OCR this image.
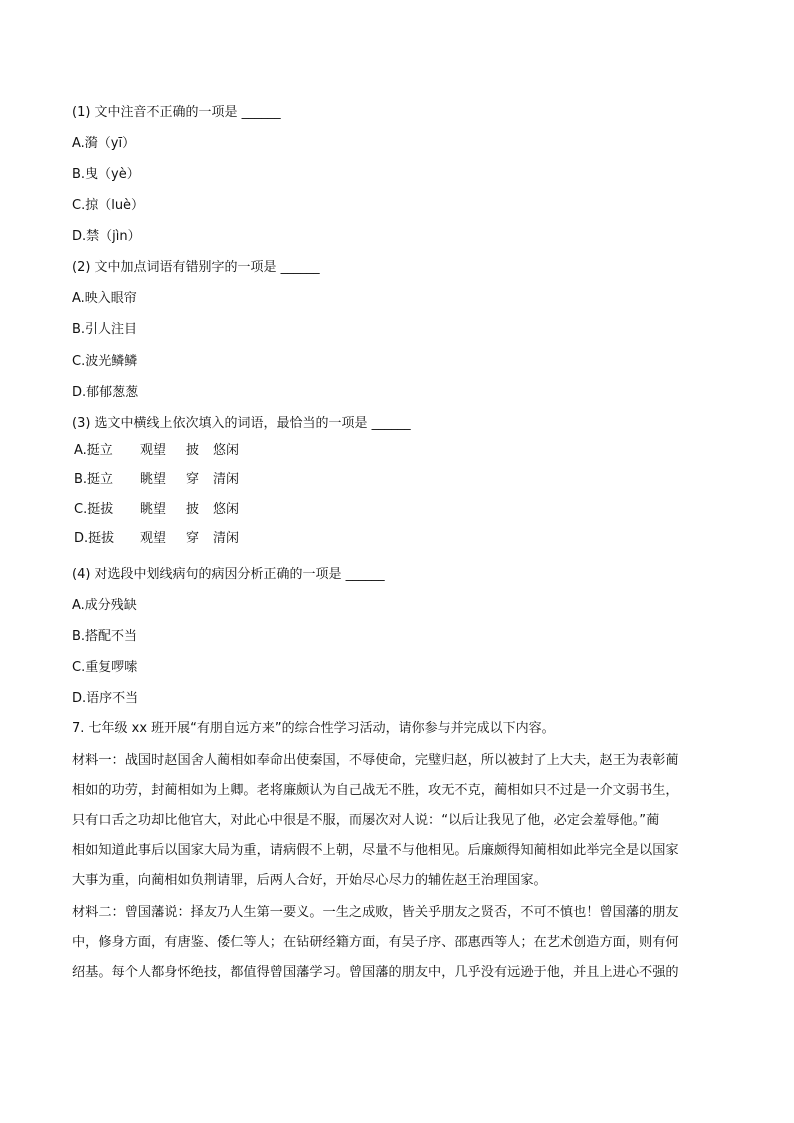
(1) 文中注音不正确的一项是 ______
A.漪（yī）
B.曳（yè）
C.掠（luè）
D.禁（jìn）
(2) 文中加点词语有错别字的一项是 ______
A.映入眼帘
B.引人注目
C.波光鳞鳞
D.郁郁葱葱
(3) 选文中横线上依次填入的词语，最恰当的一项是 ______
A.挺立 观望 披 悠闲
B.挺立 眺望 穿 清闲
C.挺拔 眺望 披 悠闲
D.挺拔 观望 穿 清闲
(4) 对选段中划线病句的病因分析正确的一项是 ______
A.成分残缺
B.搭配不当
C.重复啰嗦
D.语序不当
7. 七年级 xx 班开展“有朋自远方来”的综合性学习活动，请你参与并完成以下内容。
材料一：战国时赵国舍人蔺相如奉命出使秦国，不辱使命，完璧归赵，所以被封了上大夫，赵王为表彰蔺
相如的功劳，封蔺相如为上卿。老将廉颇认为自己战无不胜，攻无不克，蔺相如只不过是一介文弱书生，
只有口舌之功却比他官大，对此心中很是不服，而屡次对人说：“以后让我见了他，必定会羞辱他。”蔺
相如知道此事后以国家大局为重，请病假不上朝，尽量不与他相见。后廉颇得知蔺相如此举完全是以国家
大事为重，向蔺相如负荆请罪，后两人合好，开始尽心尽力的辅佐赵王治理国家。
材料二：曾国藩说：择友乃人生第一要义。一生之成败，皆关乎朋友之贤否，不可不慎也！曾国藩的朋友
中，修身方面，有唐鉴、倭仁等人；在钻研经籍方面，有吴子序、邵惠西等人；在艺术创造方面，则有何
绍基。每个人都身怀绝技，都值得曾国藩学习。曾国藩的朋友中，几乎没有远逊于他，并且上进心不强的
